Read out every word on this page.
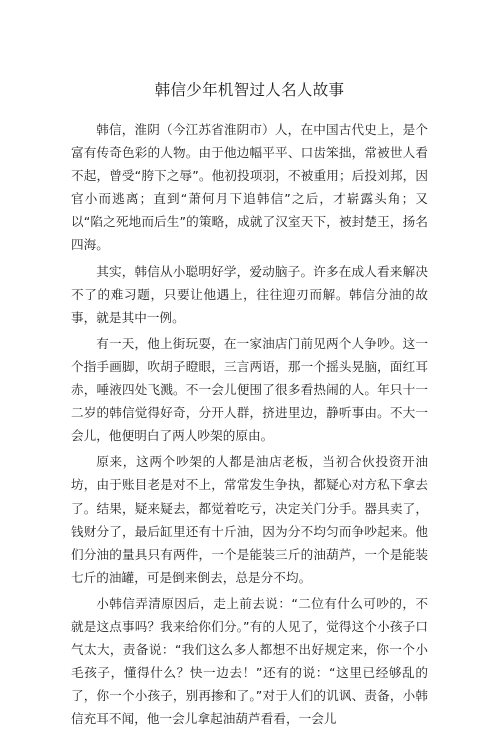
韩信少年机智过人名人故事

韩信，淮阴（今江苏省淮阴市）人，在中国古代史上，是个富有传奇色彩的人物。由于他边幅平平、口齿笨拙，常被世人看不起，曾受“胯下之辱”。他初投项羽，不被重用；后投刘邦，因官小而逃离；直到“萧何月下追韩信”之后，才崭露头角；又以“陷之死地而后生”的策略，成就了汉室天下，被封楚王，扬名四海。

其实，韩信从小聪明好学，爱动脑子。许多在成人看来解决不了的难习题，只要让他遇上，往往迎刃而解。韩信分油的故事，就是其中一例。

有一天，他上街玩耍，在一家油店门前见两个人争吵。这一个指手画脚，吹胡子瞪眼，三言两语，那一个摇头晃脑，面红耳赤，唾液四处飞溅。不一会儿便围了很多看热闹的人。年只十一二岁的韩信觉得好奇，分开人群，挤进里边，静听事由。不大一会儿，他便明白了两人吵架的原由。

原来，这两个吵架的人都是油店老板，当初合伙投资开油坊，由于账目老是对不上，常常发生争执，都疑心对方私下拿去了。结果，疑来疑去，都觉着吃亏，决定关门分手。器具卖了，钱财分了，最后缸里还有十斤油，因为分不均匀而争吵起来。他们分油的量具只有两件，一个是能装三斤的油葫芦，一个是能装七斤的油罐，可是倒来倒去，总是分不均。

小韩信弄清原因后，走上前去说：“二位有什么可吵的，不就是这点事吗？我来给你们分。”有的人见了，觉得这个小孩子口气太大，责备说：“我们这么多人都想不出好规定来，你一个小毛孩子，懂得什么？快一边去！”还有的说：“这里已经够乱的了，你一个小孩子，别再掺和了。”对于人们的讥讽、责备，小韩信充耳不闻，他一会儿拿起油葫芦看看，一会儿
